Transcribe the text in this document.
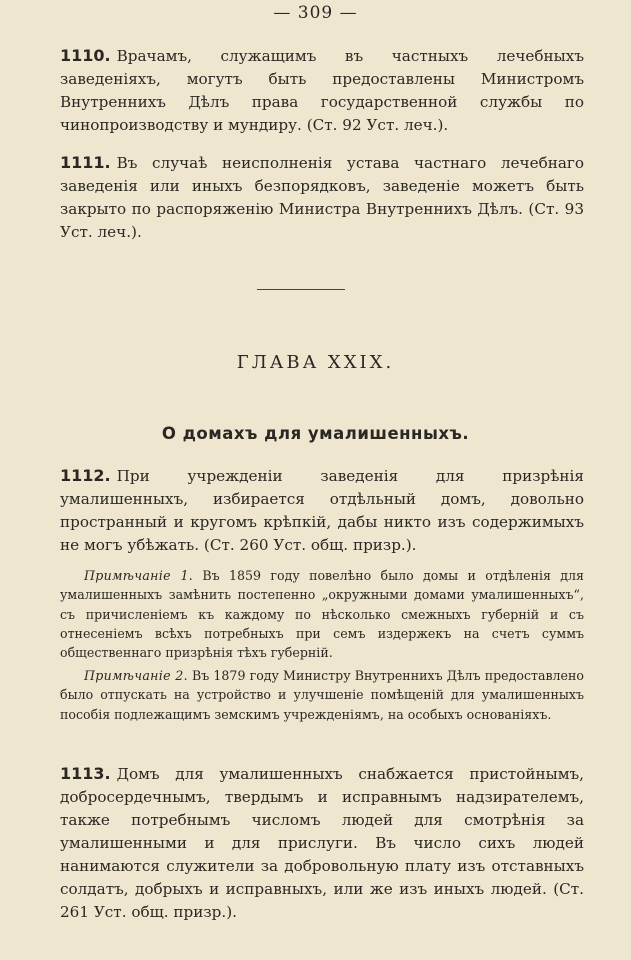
— 309 —
1110. Врачамъ, служащимъ въ частныхъ лечебныхъ заведеніяхъ, могутъ быть предоставлены Министромъ Внутреннихъ Дѣлъ права государственной службы по чинопроизводству и мундиру. (Ст. 92 Уст. леч.).
1111. Въ случаѣ неисполненія устава частнаго лечебнаго заведенія или иныхъ безпорядковъ, заведеніе можетъ быть закрыто по распоряженію Министра Внутреннихъ Дѣлъ. (Ст. 93 Уст. леч.).
ГЛАВА XXIX.
О домахъ для умалишенныхъ.
1112. При учрежденіи заведенія для призрѣнія умалишенныхъ, избирается отдѣльный домъ, довольно пространный и кругомъ крѣпкій, дабы никто изъ содержимыхъ не могъ убѣжать. (Ст. 260 Уст. общ. призр.).
Примѣчаніе 1. Въ 1859 году повелѣно было домы и отдѣленія для умалишенныхъ замѣнить постепенно „окружными домами умалишенныхъ“, съ причисленіемъ къ каждому по нѣсколько смежныхъ губерній и съ отнесеніемъ всѣхъ потребныхъ при семъ издержекъ на счетъ суммъ общественнаго призрѣнія тѣхъ губерній.
Примѣчаніе 2. Въ 1879 году Министру Внутреннихъ Дѣлъ предоставлено было отпускать на устройство и улучшеніе помѣщеній для умалишенныхъ пособія подлежащимъ земскимъ учрежденіямъ, на особыхъ основаніяхъ.
1113. Домъ для умалишенныхъ снабжается пристойнымъ, добросердечнымъ, твердымъ и исправнымъ надзирателемъ, также потребнымъ числомъ людей для смотрѣнія за умалишенными и для прислуги. Въ число сихъ людей нанимаются служители за добровольную плату изъ отставныхъ солдатъ, добрыхъ и исправныхъ, или же изъ иныхъ людей. (Ст. 261 Уст. общ. призр.).
